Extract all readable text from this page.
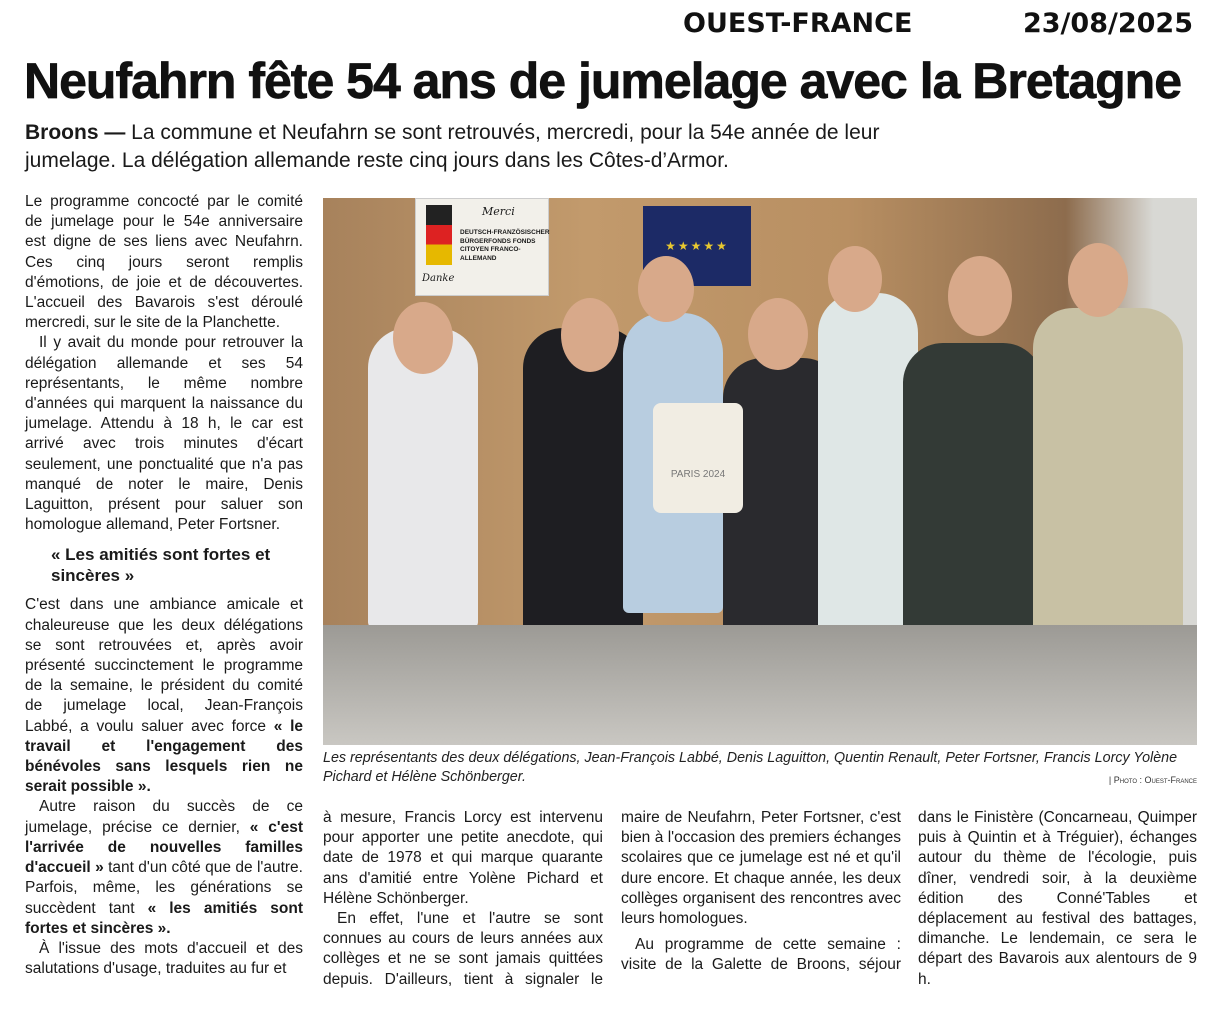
OUEST-FRANCE	23/08/2025
Neufahrn fête 54 ans de jumelage avec la Bretagne
Broons — La commune et Neufahrn se sont retrouvés, mercredi, pour la 54e année de leur jumelage. La délégation allemande reste cinq jours dans les Côtes-d’Armor.

Le programme concocté par le comité de jumelage pour le 54e anniversaire est digne de ses liens avec Neufahrn. Ces cinq jours seront remplis d'émotions, de joie et de découvertes. L'accueil des Bavarois s'est déroulé mercredi, sur le site de la Planchette.

Il y avait du monde pour retrouver la délégation allemande et ses 54 représentants, le même nombre d'années qui marquent la naissance du jumelage. Attendu à 18 h, le car est arrivé avec trois minutes d'écart seulement, une ponctualité que n'a pas manqué de noter le maire, Denis Laguitton, présent pour saluer son homologue allemand, Peter Fortsner.

« Les amitiés sont fortes et sincères »

C'est dans une ambiance amicale et chaleureuse que les deux délégations se sont retrouvées et, après avoir présenté succinctement le programme de la semaine, le président du comité de jumelage local, Jean-François Labbé, a voulu saluer avec force « le travail et l'engagement des bénévoles sans lesquels rien ne serait possible ».

Autre raison du succès de ce jumelage, précise ce dernier, « c'est l'arrivée de nouvelles familles d'accueil » tant d'un côté que de l'autre. Parfois, même, les générations se succèdent tant « les amitiés sont fortes et sincères ».

À l'issue des mots d'accueil et des salutations d'usage, traduites au fur et

Merci
DEUTSCH-FRANZÖSISCHER BÜRGERFONDS FONDS CITOYEN FRANCO-ALLEMAND
Danke
★★★★★
PARIS 2024
Les représentants des deux délégations, Jean-François Labbé, Denis Laguitton, Quentin Renault, Peter Fortsner, Francis Lorcy Yolène Pichard et Hélène Schönberger.	| Photo : Ouest-France

à mesure, Francis Lorcy est intervenu pour apporter une petite anecdote, qui date de 1978 et qui marque quarante ans d'amitié entre Yolène Pichard et Hélène Schönberger.

En effet, l'une et l'autre se sont connues au cours de leurs années aux collèges et ne se sont jamais quittées depuis. D'ailleurs, tient à signaler le

maire de Neufahrn, Peter Fortsner, c'est bien à l'occasion des premiers échanges scolaires que ce jumelage est né et qu'il dure encore. Et chaque année, les deux collèges organisent des rencontres avec leurs homologues.

Au programme de cette semaine : visite de la Galette de Broons, séjour

dans le Finistère (Concarneau, Quimper puis à Quintin et à Tréguier), échanges autour du thème de l'écologie, puis dîner, vendredi soir, à la deuxième édition des Conné'Tables et déplacement au festival des battages, dimanche. Le lendemain, ce sera le départ des Bavarois aux alentours de 9 h.
